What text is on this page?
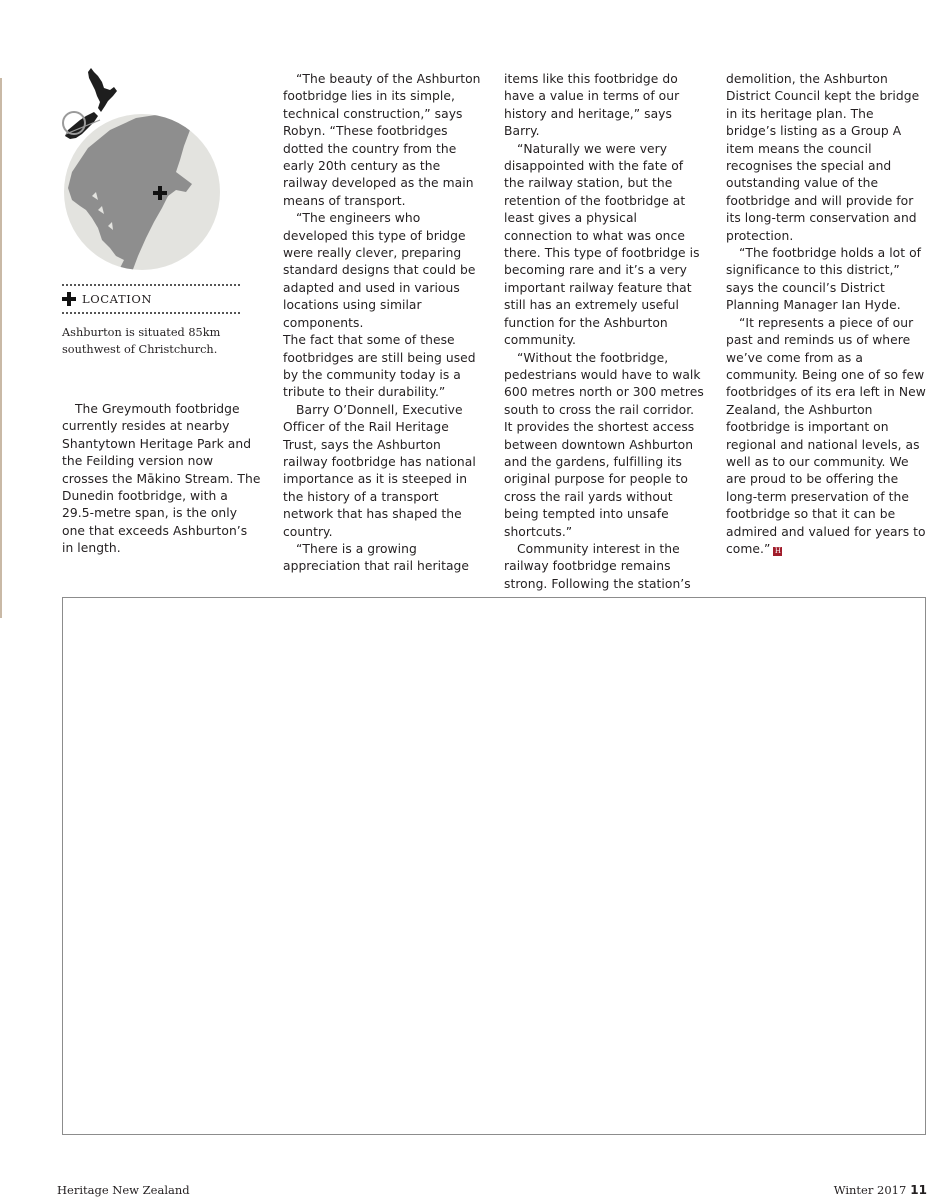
LOCATION
Ashburton is situated 85km southwest of Christchurch.

The Greymouth footbridge currently resides at nearby Shantytown Heritage Park and the Feilding version now crosses the Mākino Stream. The Dunedin footbridge, with a 29.5-metre span, is the only one that exceeds Ashburton’s in length.

“The beauty of the Ashburton footbridge lies in its simple, technical construction,” says Robyn. “These footbridges dotted the country from the early 20th century as the railway developed as the main means of transport.

“The engineers who developed this type of bridge were really clever, preparing standard designs that could be adapted and used in various locations using similar components.

The fact that some of these footbridges are still being used by the community today is a tribute to their durability.”

Barry O’Donnell, Executive Officer of the Rail Heritage Trust, says the Ashburton railway footbridge has national importance as it is steeped in the history of a transport network that has shaped the country.

“There is a growing appreciation that rail heritage

items like this footbridge do have a value in terms of our history and heritage,” says Barry.

“Naturally we were very disappointed with the fate of the railway station, but the retention of the footbridge at least gives a physical connection to what was once there. This type of footbridge is becoming rare and it’s a very important railway feature that still has an extremely useful function for the Ashburton community.

“Without the footbridge, pedestrians would have to walk 600 metres north or 300 metres south to cross the rail corridor.

It provides the shortest access between downtown Ashburton and the gardens, fulfilling its original purpose for people to cross the rail yards without being tempted into unsafe shortcuts.”

Community interest in the railway footbridge remains strong. Following the station’s

demolition, the Ashburton District Council kept the bridge in its heritage plan. The bridge’s listing as a Group A item means the council recognises the special and outstanding value of the footbridge and will provide for its long-term conservation and protection.

“The footbridge holds a lot of significance to this district,” says the council’s District Planning Manager Ian Hyde.

“It represents a piece of our past and reminds us of where we’ve come from as a community. Being one of so few footbridges of its era left in New Zealand, the Ashburton footbridge is important on regional and national levels, as well as to our community. We are proud to be offering the long-term preservation of the footbridge so that it can be admired and valued for years to come.” H

Heritage New Zealand	Winter 2017 11
